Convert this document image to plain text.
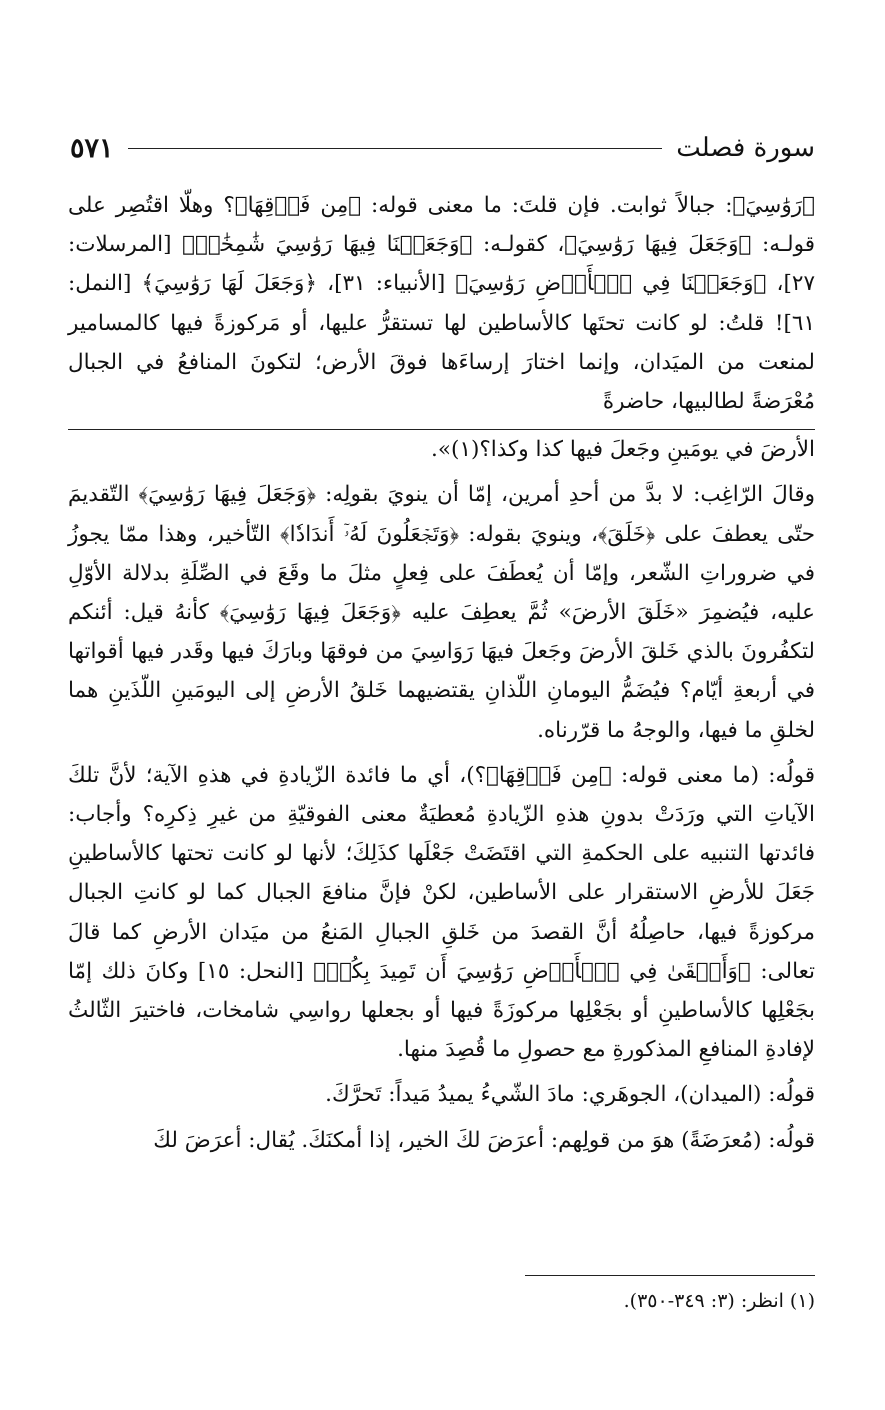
سورة فصلت
٥٧١

﴿رَوَٰسِيَ﴾: جبالاً ثوابت. فإن قلتَ: ما معنى قوله: ﴿مِن فَوۡقِهَا﴾؟ وهلّا اقتُصِر على قولـه: ﴿وَجَعَلَ فِيهَا رَوَٰسِيَ﴾، كقولـه: ﴿وَجَعَلۡنَا فِيهَا رَوَٰسِيَ شَٰمِخَٰتٖ﴾ [المرسلات: ٢٧]، ﴿وَجَعَلۡنَا فِي ٱلۡأَرۡضِ رَوَٰسِيَ﴾ [الأنبياء: ٣١]، ﴿وَجَعَلَ لَهَا رَوَٰسِيَ﴾ [النمل: ٦١]! قلتُ: لو كانت تحتَها كالأساطين لها تستقرُّ عليها، أو مَركوزةً فيها كالمسامير لمنعت من الميَدان، وإنما اختارَ إرساءَها فوقَ الأرض؛ لتكونَ المنافعُ في الجبال مُعْرَضةً لطالبيها، حاضرةً

الأرضَ في يومَينِ وجَعلَ فيها كذا وكذا؟(١)».

وقالَ الرّاغِب: لا بدَّ من أحدِ أمرين، إمّا أن ينويَ بقولِه: ﴿وَجَعَلَ فِيهَا رَوَٰسِيَ﴾ التّقديمَ حتّى يعطفَ على ﴿خَلَقَ﴾، وينويَ بقوله: ﴿وَتَجۡعَلُونَ لَهُۥٓ أَندَادٗا﴾ التّأخير، وهذا ممّا يجوزُ في ضروراتِ الشّعر، وإمّا أن يُعطَفَ على فِعلٍ مثلَ ما وقَعَ في الصِّلَةِ بدلالة الأوّلِ عليه، فيُضمِرَ «خَلَقَ الأرضَ» ثُمَّ يعطِفَ عليه ﴿وَجَعَلَ فِيهَا رَوَٰسِيَ﴾ كأنهُ قيل: أئنكم لتكفُرونَ بالذي خَلقَ الأرضَ وجَعلَ فيهَا رَوَاسِيَ من فوقهَا وبارَكَ فيها وقَدر فيها أقواتها في أربعةِ أيّام؟ فيُضَمُّ اليومانِ اللّذانِ يقتضيهما خَلقُ الأرضِ إلى اليومَينِ اللّذَينِ هما لخلقِ ما فيها، والوجهُ ما قرّرناه.

قولُه: (ما معنى قوله: ﴿مِن فَوۡقِهَا﴾؟)، أي ما فائدة الزّيادةِ في هذهِ الآية؛ لأنَّ تلكَ الآياتِ التي ورَدَتْ بدونِ هذهِ الزّيادةِ مُعطيَةٌ معنى الفوقيّةِ من غيرِ ذِكرِه؟ وأجاب: فائدتها التنبيه على الحكمةِ التي اقتَضَتْ جَعْلَها كذَلِكَ؛ لأنها لو كانت تحتها كالأساطينِ جَعَلَ للأرضِ الاستقرار على الأساطين، لكنْ فإنَّ منافعَ الجبال كما لو كانتِ الجبال مركوزةً فيها، حاصِلُهُ أنَّ القصدَ من خَلقِ الجبالِ المَنعُ من ميَدان الأرضِ كما قالَ تعالى: ﴿وَأَلۡقَىٰ فِي ٱلۡأَرۡضِ رَوَٰسِيَ أَن تَمِيدَ بِكُمۡ﴾ [النحل: ١٥] وكانَ ذلك إمّا بجَعْلِها كالأساطينِ أو بجَعْلِها مركوزَةً فيها أو بجعلها رواسِي شامخات، فاختيرَ الثّالثُ لإفادةِ المنافعِ المذكورةِ مع حصولِ ما قُصِدَ منها.

قولُه: (الميدان)، الجوهَري: مادَ الشّيءُ يميدُ مَيداً: تَحرَّكَ.

قولُه: (مُعرَضَةً) هوَ من قولِهم: أعرَضَ لكَ الخير، إذا أمكنَكَ. يُقال: أعرَضَ لكَ

(١) انظر: (٣: ٣٤٩-٣٥٠).
